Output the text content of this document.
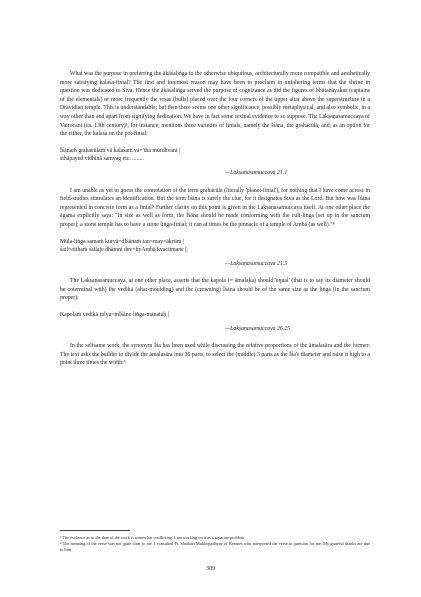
What was the purpose in preferring the ākāśaliṅga to the otherwise ubiquitous, architecturally more compatible and aesthetically more satisfying kalaśa-finial? The first and foremost reason may have been to proclaim in unfaltering terms that the shrine in question was dedicated to Śiva. Hence the ākāśaliṅga served the purpose of cognizance as did the figures of bhūtanāyakas (captains of the elementals) or more frequently the vṛṣas (bulls) placed over the four corners of the upper altar above the superstructure in a Drāviḍian temple. This is understandable; but then there seems one other significance, possibly metaphysical, and also symbolic, in a way other than and apart from signifying dedication. We have in fact some textual evidence to so suppose. The Lakṣaṇasamuccaya of Vairocani (ca. 13th century)³, for instance, mentions three varieties of finials, namely the Īśāna, the grahacūlā, and, as an option for the either, the kalaśa on the pot-finial:

Īśānaṁ grahacūlaṁ vā kalaśaṁ vā='tha mūrdhvani |
sthāpayed vidhinā samyag etc. ........
—Lakṣaṇasamuccaya 21.1

I am unable as yet to guess the connotation of the term grahacūlā (literally 'planet-finial'), for nothing that I have come across in field-studies stimulates an identification. But the term Īśāna is surely the clue, for it designates Śiva as the Lord. But how was Īśāna represented in concrete form as a finial? Further clarity on this point is given in the Lakṣaṇasamuccaya itself. At one other place the āgama explicitly says: "In size as well as form, the Īśāna should be made conforming with the cult-liṅga [set up in the sanctum proper]; a stone temple has to have a stone liṅga-finial; it can at times be the pinnacle of a temple of Ambā (as well)."⁴

Mūla-liṅga samaṁ kuryā=dĪśānaṁ tan=may=ākṛtim |
śail=otthaṁ śailaje dhāmni dev=hyAmbā kvacitmane ||
—Lakṣaṇasamuccaya 21.3

The Lakṣaṇasamuccaya, at one other place, asserts that the kapola (= āmalaka) should 'equal' (that is to say its diameter should be coterminal with) the vedikā (altar-moulding) and the (crowning) Īśāna should be of the same size as the liṅga (in the sanctum proper):

Kapolaṁ vedikā tulya=mĪśāno liṅga-mānataḥ |
—Lakṣaṇasamuccaya 26.25

In the selfsame work, the synonym Īśa has been used while discussing the relative proportions of the āmalasāra and the former: The text asks the builder to divide the āmalasāra into 36 parts, to select the (middle) 3 parts as the Īśa's diameter and raise it high to a point three times the width:⁵

³ The evidence as to the date of the work is somewhat conflicting. I am working on it as a separate problem.

⁴ The meaning of the verse was not quite clear to me. I consulted Pt. Shatkari Mukhopadhyay of Benares who interpreted the verse in question for me. My grateful thanks are due to him.

309
